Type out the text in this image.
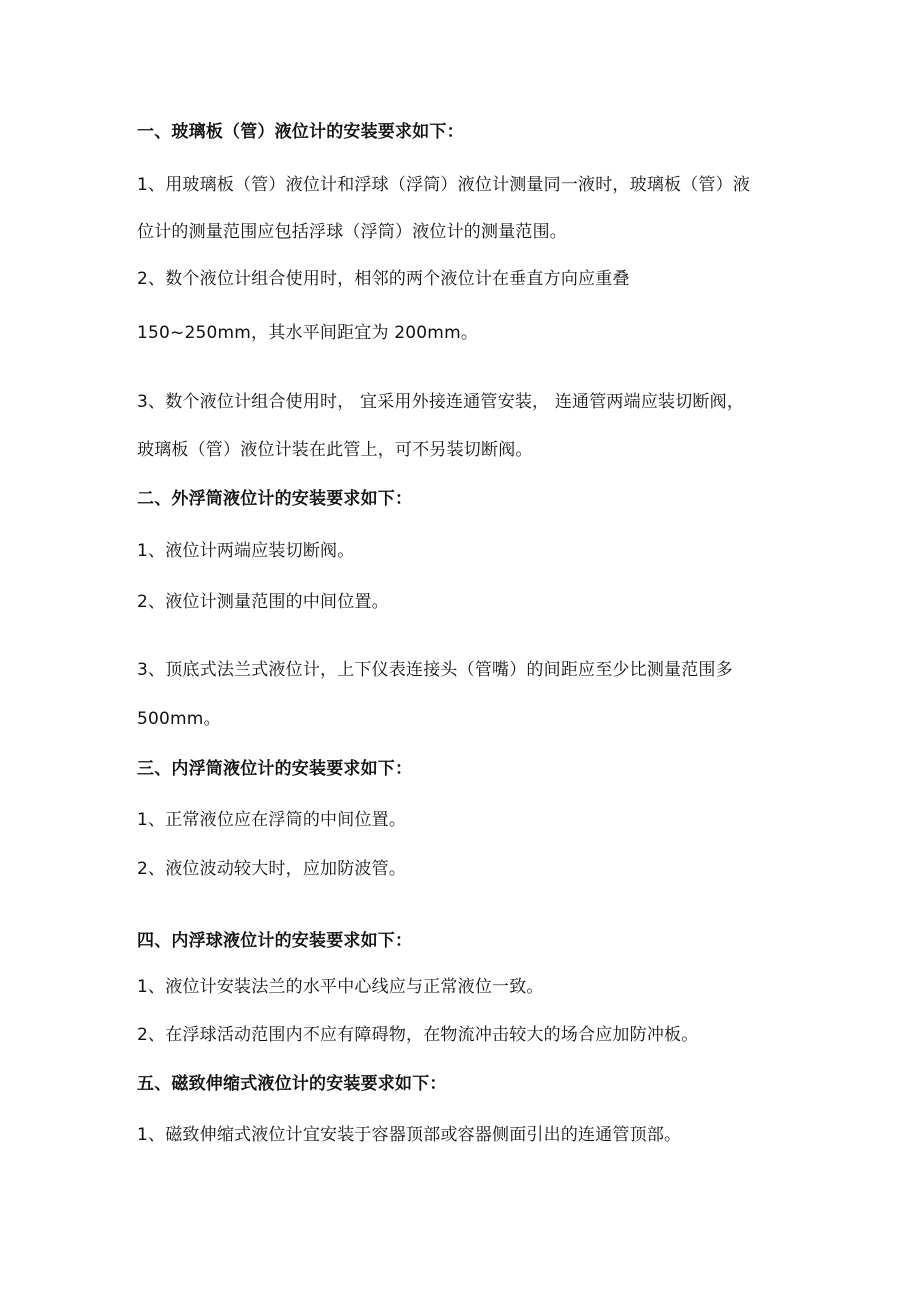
一、玻璃板（管）液位计的安装要求如下：
1、用玻璃板（管）液位计和浮球（浮筒）液位计测量同一液时，玻璃板（管）液
位计的测量范围应包括浮球（浮筒）液位计的测量范围。
2、数个液位计组合使用时，相邻的两个液位计在垂直方向应重叠
150~250mm，其水平间距宜为 200mm。
3、数个液位计组合使用时， 宜采用外接连通管安装， 连通管两端应装切断阀，
玻璃板（管）液位计装在此管上，可不另装切断阀。
二、外浮筒液位计的安装要求如下：
1、液位计两端应装切断阀。
2、液位计测量范围的中间位置。
3、顶底式法兰式液位计，上下仪表连接头（管嘴）的间距应至少比测量范围多
500mm。
三、内浮筒液位计的安装要求如下：
1、正常液位应在浮筒的中间位置。
2、液位波动较大时，应加防波管。
四、内浮球液位计的安装要求如下：
1、液位计安装法兰的水平中心线应与正常液位一致。
2、在浮球活动范围内不应有障碍物，在物流冲击较大的场合应加防冲板。
五、磁致伸缩式液位计的安装要求如下：
1、磁致伸缩式液位计宜安装于容器顶部或容器侧面引出的连通管顶部。
